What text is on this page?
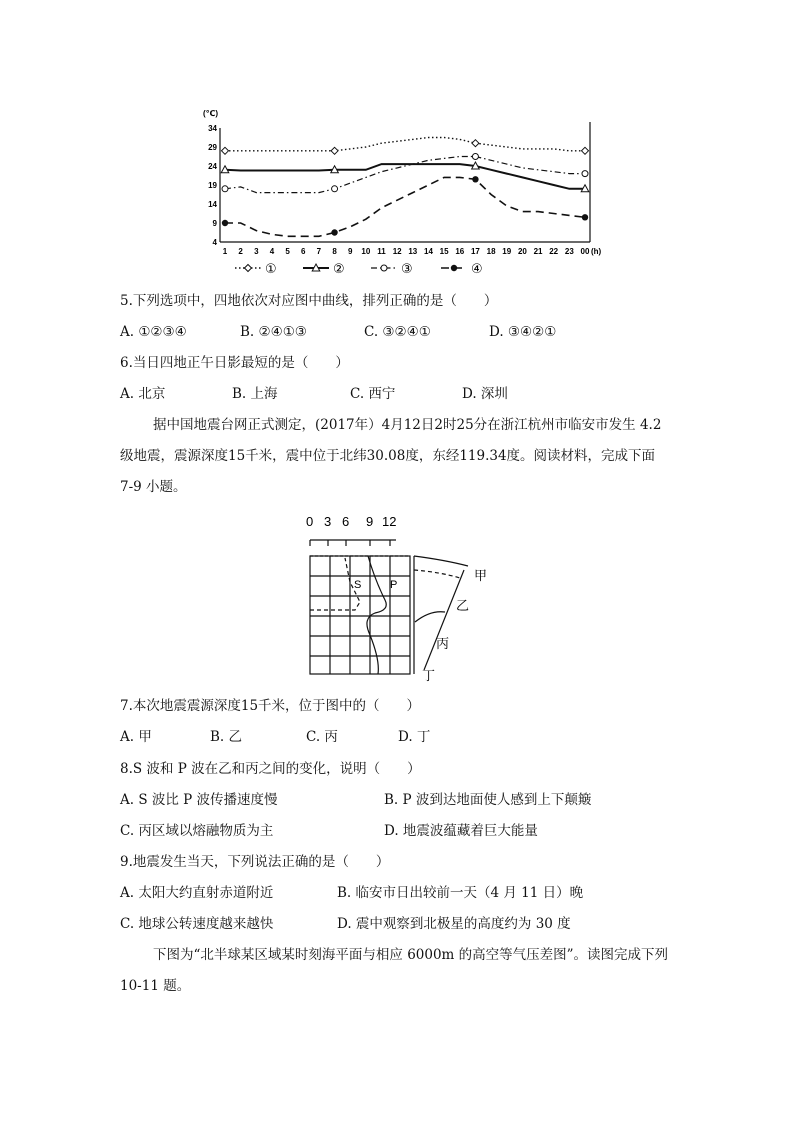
(℃)
4
9
14
19
24
29
34
1 2 3 4 5 6 7 8 9 10 11 12 13 14 15 16 17 18 19 20 21 22 23 00 (h)
①	②	③	④
5.下列选项中，四地依次对应图中曲线，排列正确的是（　　）
A. ①②③④	B. ②④①③	C. ③②④①	D. ③④②①
6.当日四地正午日影最短的是（　　）
A. 北京	B. 上海	C. 西宁	D. 深圳
据中国地震台网正式测定，(2017年）4月12日2时25分在浙江杭州市临安市发生 4.2
级地震，震源深度15千米，震中位于北纬30.08度，东经119.34度。阅读材料，完成下面
7-9 小题。
0 3 6 9 12
S	P
甲
乙
丙
丁
7.本次地震震源深度15千米，位于图中的（　　）
A. 甲	B. 乙	C. 丙	D. 丁
8.S 波和 P 波在乙和丙之间的变化，说明（　　）
A. S 波比 P 波传播速度慢	B. P 波到达地面使人感到上下颠簸
C. 丙区域以熔融物质为主	D. 地震波蕴藏着巨大能量
9.地震发生当天，下列说法正确的是（　　）
A. 太阳大约直射赤道附近	B. 临安市日出较前一天（4 月 11 日）晚
C. 地球公转速度越来越快	D. 震中观察到北极星的高度约为 30 度
下图为“北半球某区域某时刻海平面与相应 6000m 的高空等气压差图”。读图完成下列
10-11 题。
